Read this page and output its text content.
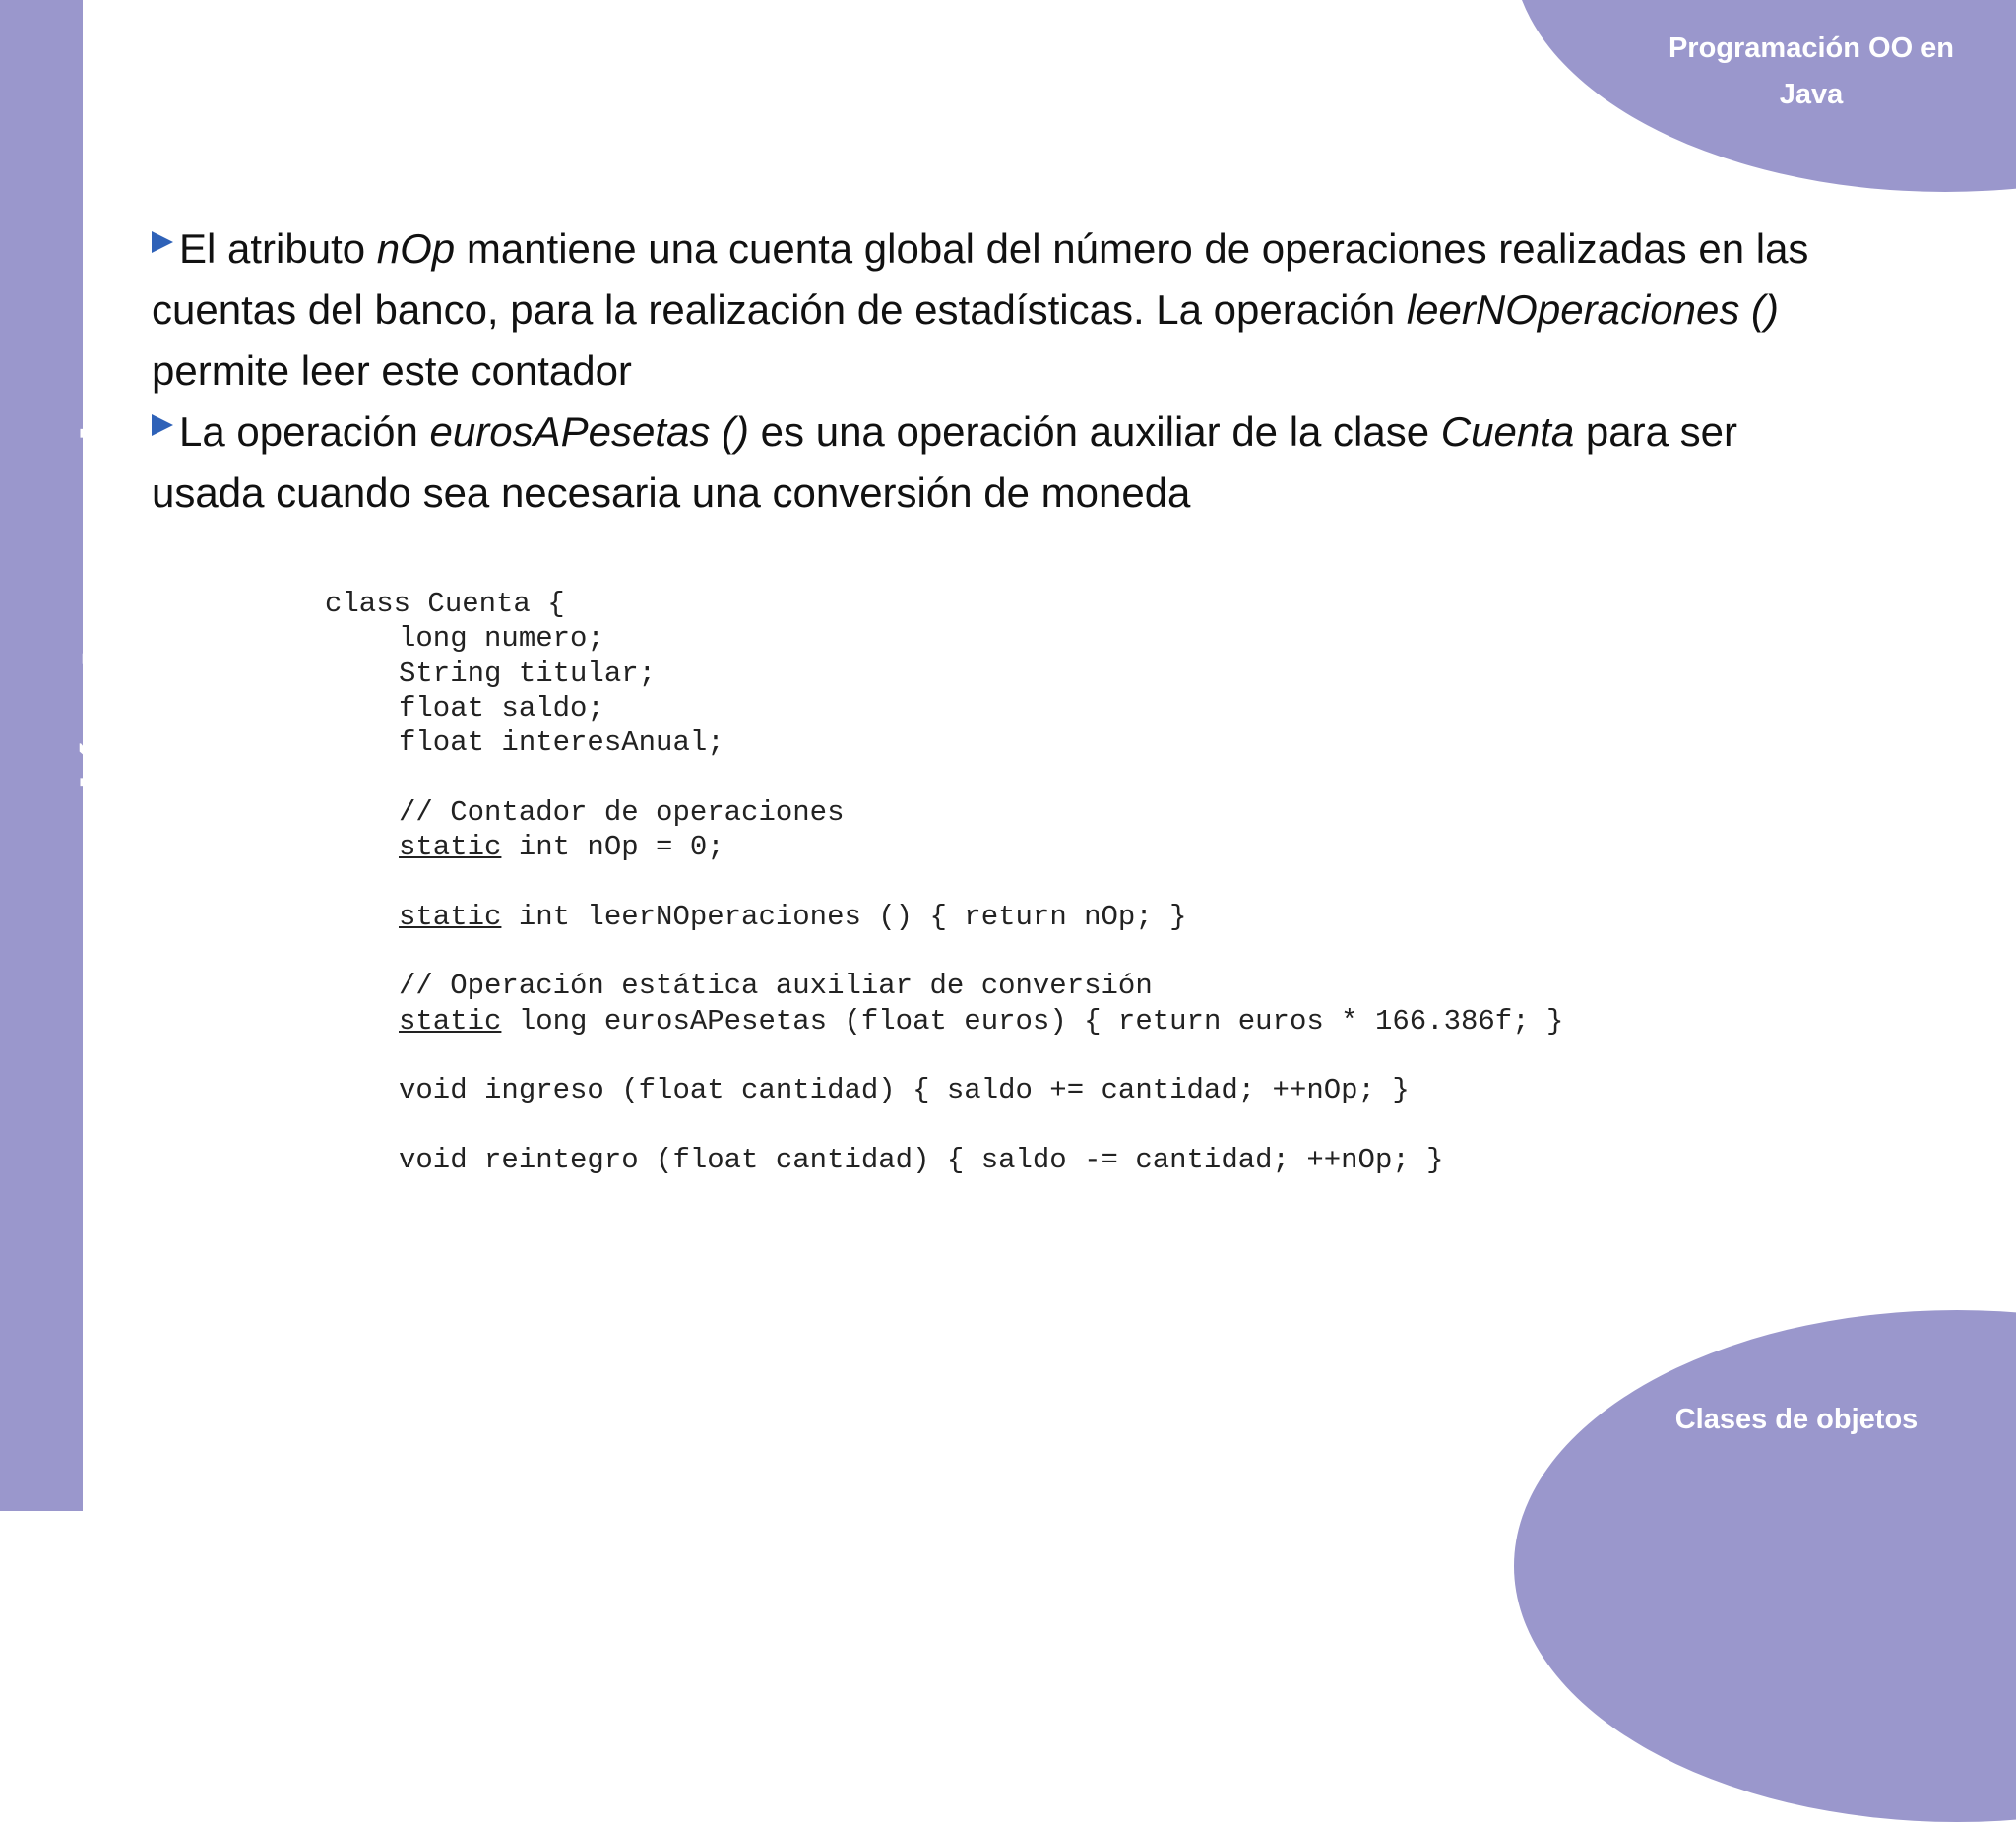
Programación Avanzada
Programación OO en
Java
Clases de objetos

El atributo nOp mantiene una cuenta global del número de operaciones realizadas en las cuentas del banco, para la realización de estadísticas. La operación leerNOperaciones () permite leer este contador

La operación eurosAPesetas () es una operación auxiliar de la clase Cuenta para ser usada cuando sea necesaria una conversión de moneda

class Cuenta {
long numero;
String titular;
float saldo;
float interesAnual;
// Contador de operaciones
static int nOp = 0;
static int leerNOperaciones () { return nOp; }
// Operación estática auxiliar de conversión
static long eurosAPesetas (float euros) { return euros * 166.386f; }
void ingreso (float cantidad) { saldo += cantidad; ++nOp; }
void reintegro (float cantidad) { saldo -= cantidad; ++nOp; }
